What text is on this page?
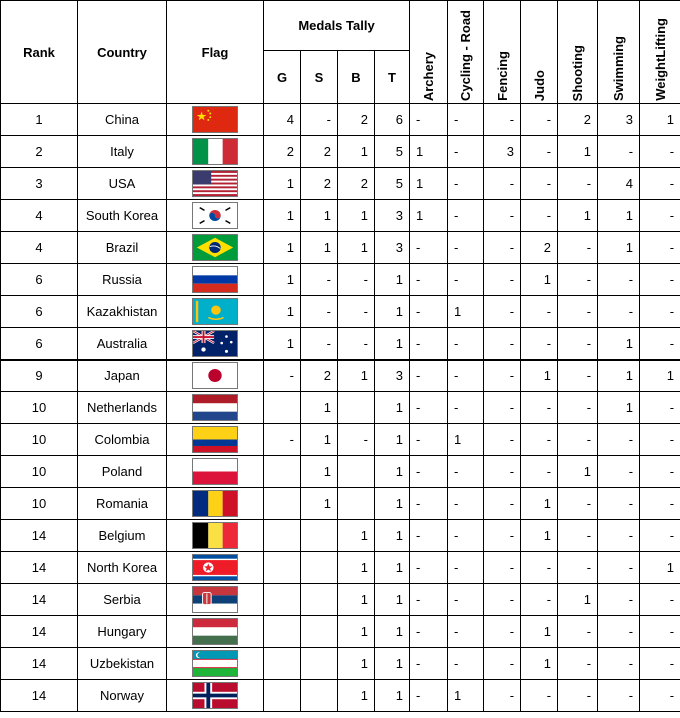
Rank	Country	Flag	Medals Tally				Archery	Cycling - Road	Fencing	Judo	Shooting	Swimming	WeightLifting

			G	S	B	T							
1	China		4	-	2	6	-	-	-	-	2	3	1
2	Italy		2	2	1	5	1	-	3	-	1	-	-
3	USA		1	2	2	5	1	-	-	-	-	4	-
4	South Korea		1	1	1	3	1	-	-	-	1	1	-
4	Brazil		1	1	1	3	-	-	-	2	-	1	-
6	Russia		1	-	-	1	-	-	-	1	-	-	-
6	Kazakhistan		1	-	-	1	-	1	-	-	-	-	-
6	Australia		1	-	-	1	-	-	-	-	-	1	-
9	Japan		-	2	1	3	-	-	-	1	-	1	1
10	Netherlands			1		1	-	-	-	-	-	1	-
10	Colombia		-	1	-	1	-	1	-	-	-	-	-
10	Poland			1		1	-	-	-	-	1	-	-
10	Romania			1		1	-	-	-	1	-	-	-
14	Belgium				1	1	-	-	-	1	-	-	-
14	North Korea				1	1	-	-	-	-	-	-	1
14	Serbia				1	1	-	-	-	-	1	-	-
14	Hungary				1	1	-	-	-	1	-	-	-
14	Uzbekistan				1	1	-	-	-	1	-	-	-
14	Norway				1	1	-	1	-	-	-	-	-
